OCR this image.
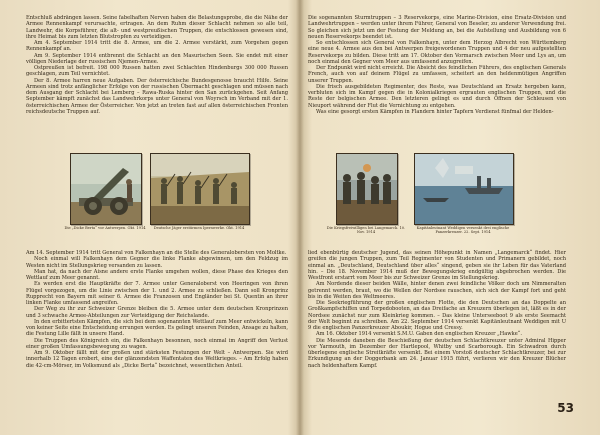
Entschluß abdrängen lassen. Seine fabelhaften Nerven haben die Belastungsprobe, die die Nähe der Armee Rennenkampf verursachte, ertragen. An dem Ruhm dieser Schlacht nehmen so alle teil, Landwehr, die Korpsführer, die alt- und westpreußischen Truppen, die entschlossen gewesen sind, ihre Heimat bis zum letzten Blutstropfen zu verteidigen.

Am 4. September 1914 tritt die 8. Armee, um die 2. Armee verstärkt, zum Vorgehen gegen Rennenkampf an.

Am 9. September 1914 entbrennt die Schlacht an den Masurischen Seen. Sie endet mit einer völligen Niederlage der russischen Njemen-Armee.

Ostpreußen ist befreit. 198 000 Russen hatten zwei Schlachten Hindenburgs 300 000 Russen geschlagen, zum Teil vernichtet.

Der 8. Armee harren neue Aufgaben. Der österreichische Bundesgenosse braucht Hilfe. Seine Armeen sind trotz anfänglicher Erfolge von der russischen Übermacht geschlagen und müssen nach dem Ausgang der Schlacht bei Lemberg – Rawa-Ruska hinter den San zurückgehen. Seit Anfang September kämpft zunächst das Landwehrkorps unter General von Woyrsch im Verband mit der 1. österreichischen Armee der Österreicher. Von jetzt an treten fast auf allen österreichischen Fronten reichsdeutsche Truppen auf.

Die sogenannten Sturmtruppen – 3 Reservekorps, eine Marine-Division, eine Ersatz-Division und Landwehrtruppen – werden unter ihrem Führer, General von Beseler, zu anderer Verwendung frei. So gleichen sich jetzt um der Festung der Meldung an, bei die Aufstellung und Ausbildung von 6 neuen Reservekorps beendet ist.

So entschlossen sich General von Falkenhayn, unter dem Herzog Albrecht von Württemberg eine neue 4. Armee aus den bei Antwerpen freigewordenen Truppen und 4 der neu aufgestellten Reservekorps zu bilden. Diese tritt am 17. Oktober den Vormarsch zwischen Meer und Lys an, um noch einmal den Gegner vom Meer aus umfassend anzugreifen.

Der Endpunkt wird nicht erreicht. Die Absicht des feindlichen Führers, des englischen Generals French, auch von auf deinem Flügel zu umfassen, scheitert an den heldenmütigen Angriffen unserer Truppen.

Die frisch ausgebildeten Regimenter, des Reste, was Deutschland an Ersatz hergeben kann, verbluten sich im Kampf gegen die in Kolonialkriegen ergrauten englischen Truppen, und die Reste der belgischen Armee. Den letzteren gelingt es und durch Öffnen der Schleusen von Nieuport während der Flut die Vernichtung zu entgehen.

Was eine gesorgt ersten Kämpfen in Flandern hinter Tapfern Verdienst fünfmal der Helden-

Die „Dicke Berta“ vor Antwerpen. Okt. 1914	Deutsche Jäger erstürmen Ipernwerke. Okt. 1914	Die Kriegsfreiwilligen bei Langemarck. 10. Nov. 1914
Kapitänleutnant Weddigen versenkt drei englische Panzerkreuzer. 22. Sept. 1914

Am 14. September 1914 tritt General von Falkenhayn an die Stelle des Generalobersten von Moltke.

Noch einmal will Falkenhayn dem Gegner die linke Flanke abgewinnen, um den Feldzug im Westen nicht im Stellungskrieg versanden zu lassen.

Man hat, da nach der Aisne andere erste Flanke umgehen wollen, diese Phase des Krieges den Wettlauf zum Meer genannt.

Es werden erst die Hauptkräfte der 7. Armee unter Generaloberst von Heeringen von ihren Flügel vorgezogen, um die Linie zwischen der 1. und 2. Armee zu schließen. Dann soll Kronprinz Rupprecht von Bayern mit seiner 6. Armee die Franzosen und Engländer bei St. Quentin an ihrer linken Flanke umfassend angreifen.

Der Weg zu ihr zur Schweizer Grenze bleiben die 5. Armee unter dem deutschen Kronprinzen und 3 schwache Armee-Abteilungen zur Verteidigung der Reichslande.

In den erbittertsten Kämpfen, die sich bei dem sogenannten Wettlauf zum Meer entwickeln, kann von keiner Seite eine Entscheidung errungen werden. Es gelingt unseren Feinden, Ansage zu halten, die Festung Lille fällt in unsere Hand.

Die Truppen des Königreich ein, die Falkenhayn besonnen, noch einmal im Angriff den Verlust einer großen Umfassungsbewegung zu wagen.

Am 9. Oktober fällt mit der großen und stärksten Festungen der Welt – Antwerpen. Sie wird innerhalb 12 Tagen erobert, eine der glänzendsten Waffentaten des Weltkrieges. – Am Erfolg haben die 42-cm-Mörser, im Volksmund als „Dicke Berta“ bezeichnet, wesentlichen Anteil.

lied ebenbürtig deutscher Jugend, das seinen Höhepunkt in Namen „Langemarck“ findet. Hier greifen die jungen Truppen, zum Teil Regimenter von Studenten und Primanern gebildet, noch einmal an. „Deutschland, Deutschland über alles“ singend, geben sie ihr Leben für das Vaterland hin. – Die 18. November 1914 muß der Bewegungskrieg endgültig abgebrochen werden. Die Westfront erstarrt vom Meer bis zur Schweizer Grenze im Stellungskrieg.

Am Nordende dieser beiden Wälle, hinter denen zwei feindliche Völker doch um Nimmeralten getrennt werden, braut, wo die Wellen der Nordsee rauschen, sich sich der Kampf fort und geht bis in die Weiten des Weltmeeres.

Die Seekriegführung der großen englischen Flotte, die den Deutschen an das Doppelte an Großkampfschiffen und Torpedobooten, an das Dreifache an Kreuzern überlegen ist, läßt es in der Nordsee zunächst nur zum Kleinkrieg kommen. – Das kleine Unterseeboot 9 als erste Seemacht der Welt beginnt zu schreiben. Am 22. September 1914 versenkt Kapitänleutnant Weddigen mit U 9 die englischen Panzerkreuzer Aboukir, Hogue und Cressy.

Am 16. Oktober 1914 versenkt S.M.U. Gaben den englischen Kreuzer „Hawke“.

Die Mesende daneben die Beschießung der deutschen Schlachtkreuzer unter Admiral Hipper vor Yarmouth, im Dezember der Hartlepool, Whitby und Scarborough. Ein Schwadron durch überlegene englische Streitkräfte versenkt. Bei einem Vorstoß deutscher Schlachtkreuzer, bei zur Erkundigung an der Doggerbank am 24. Januar 1915 führt, verlieren wir den Kreuzer Blücher nach heldenhaftem Kampf.

53
